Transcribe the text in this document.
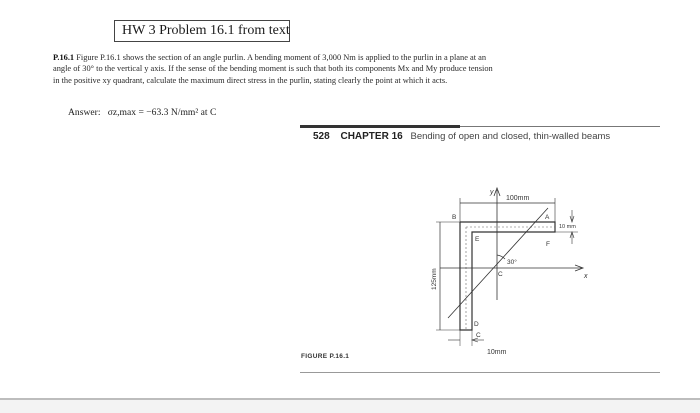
HW 3 Problem 16.1 from text
P.16.1 Figure P.16.1 shows the section of an angle purlin. A bending moment of 3,000 Nm is applied to the purlin in a plane at an angle of 30° to the vertical y axis. If the sense of the bending moment is such that both its components Mx and My produce tension in the positive xy quadrant, calculate the maximum direct stress in the purlin, stating clearly the point at which it acts.
Answer: σz,max = −63.3 N/mm² at C
528 CHAPTER 16 Bending of open and closed, thin-walled beams
y
x
100mm
10 mm
10mm
30°
A
B
C
D
E
F
C
125mm
FIGURE P.16.1
